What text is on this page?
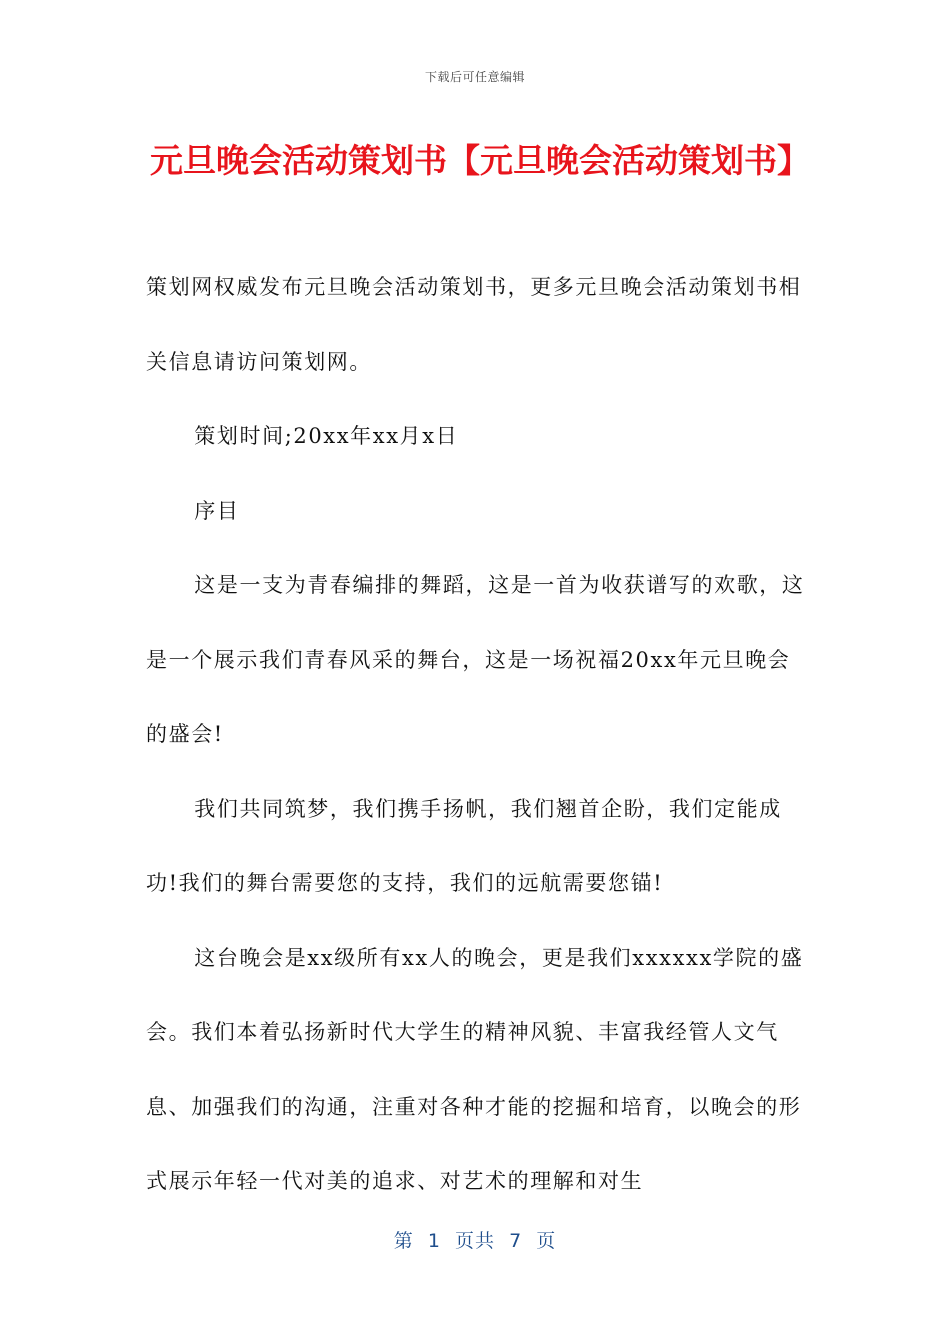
下载后可任意编辑
元旦晚会活动策划书【元旦晚会活动策划书】

策划网权威发布元旦晚会活动策划书，更多元旦晚会活动策划书相关信息请访问策划网。

策划时间;20xx年xx月x日

序目

这是一支为青春编排的舞蹈，这是一首为收获谱写的欢歌，这是一个展示我们青春风采的舞台，这是一场祝福20xx年元旦晚会的盛会!

我们共同筑梦，我们携手扬帆，我们翘首企盼，我们定能成功!我们的舞台需要您的支持，我们的远航需要您锚!

这台晚会是xx级所有xx人的晚会，更是我们xxxxxx学院的盛会。我们本着弘扬新时代大学生的精神风貌、丰富我经管人文气息、加强我们的沟通，注重对各种才能的挖掘和培育，以晚会的形式展示年轻一代对美的追求、对艺术的理解和对生

第  1  页共  7  页
